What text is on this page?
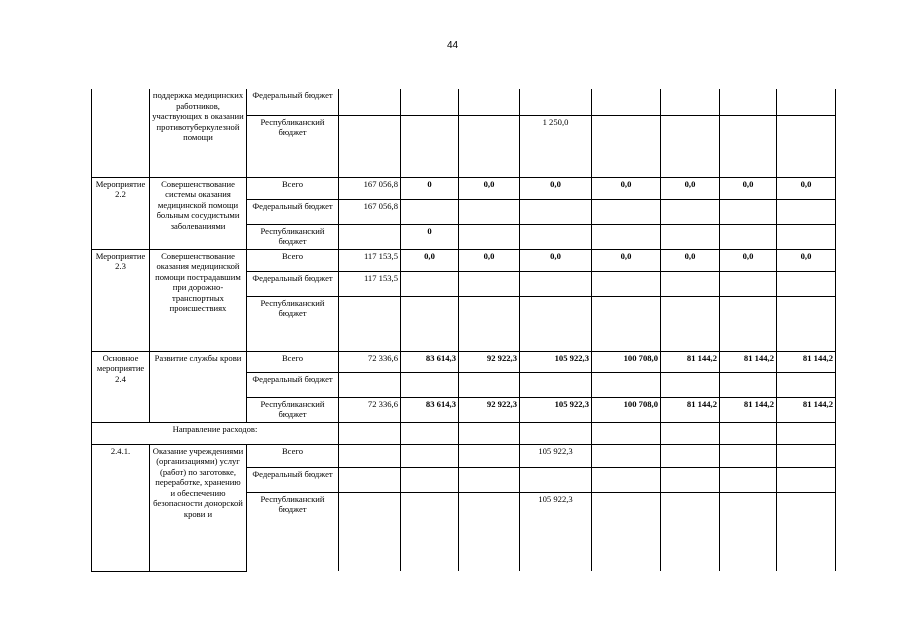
44
	поддержка медицинских работников, участвующих в оказании противотуберкулезной помощи	Федеральный бюджет								
		Республиканский бюджет				1 250,0				
Мероприятие 2.2	Совершенствование системы оказания медицинской помощи больным сосудистыми заболеваниями	Всего	167 056,8	0	0,0	0,0	0,0	0,0	0,0	0,0
		Федеральный бюджет	167 056,8							
		Республиканский бюджет		0						
Мероприятие 2.3	Совершенствование оказания медицинской помощи пострадавшим при дорожно-транспортных происшествиях	Всего	117 153,5	0,0	0,0	0,0	0,0	0,0	0,0	0,0
		Федеральный бюджет	117 153,5							
		Республиканский бюджет								
Основное мероприятие 2.4	Развитие службы крови	Всего	72 336,6	83 614,3	92 922,3	105 922,3	100 708,0	81 144,2	81 144,2	81 144,2
		Федеральный бюджет								
		Республиканский бюджет	72 336,6	83 614,3	92 922,3	105 922,3	100 708,0	81 144,2	81 144,2	81 144,2
Направление расходов:										
2.4.1.	Оказание учреждениями (организациями) услуг (работ) по заготовке, переработке, хранению и обеспечению безопасности донорской крови и	Всего				105 922,3				
		Федеральный бюджет								
		Республиканский бюджет				105 922,3				
